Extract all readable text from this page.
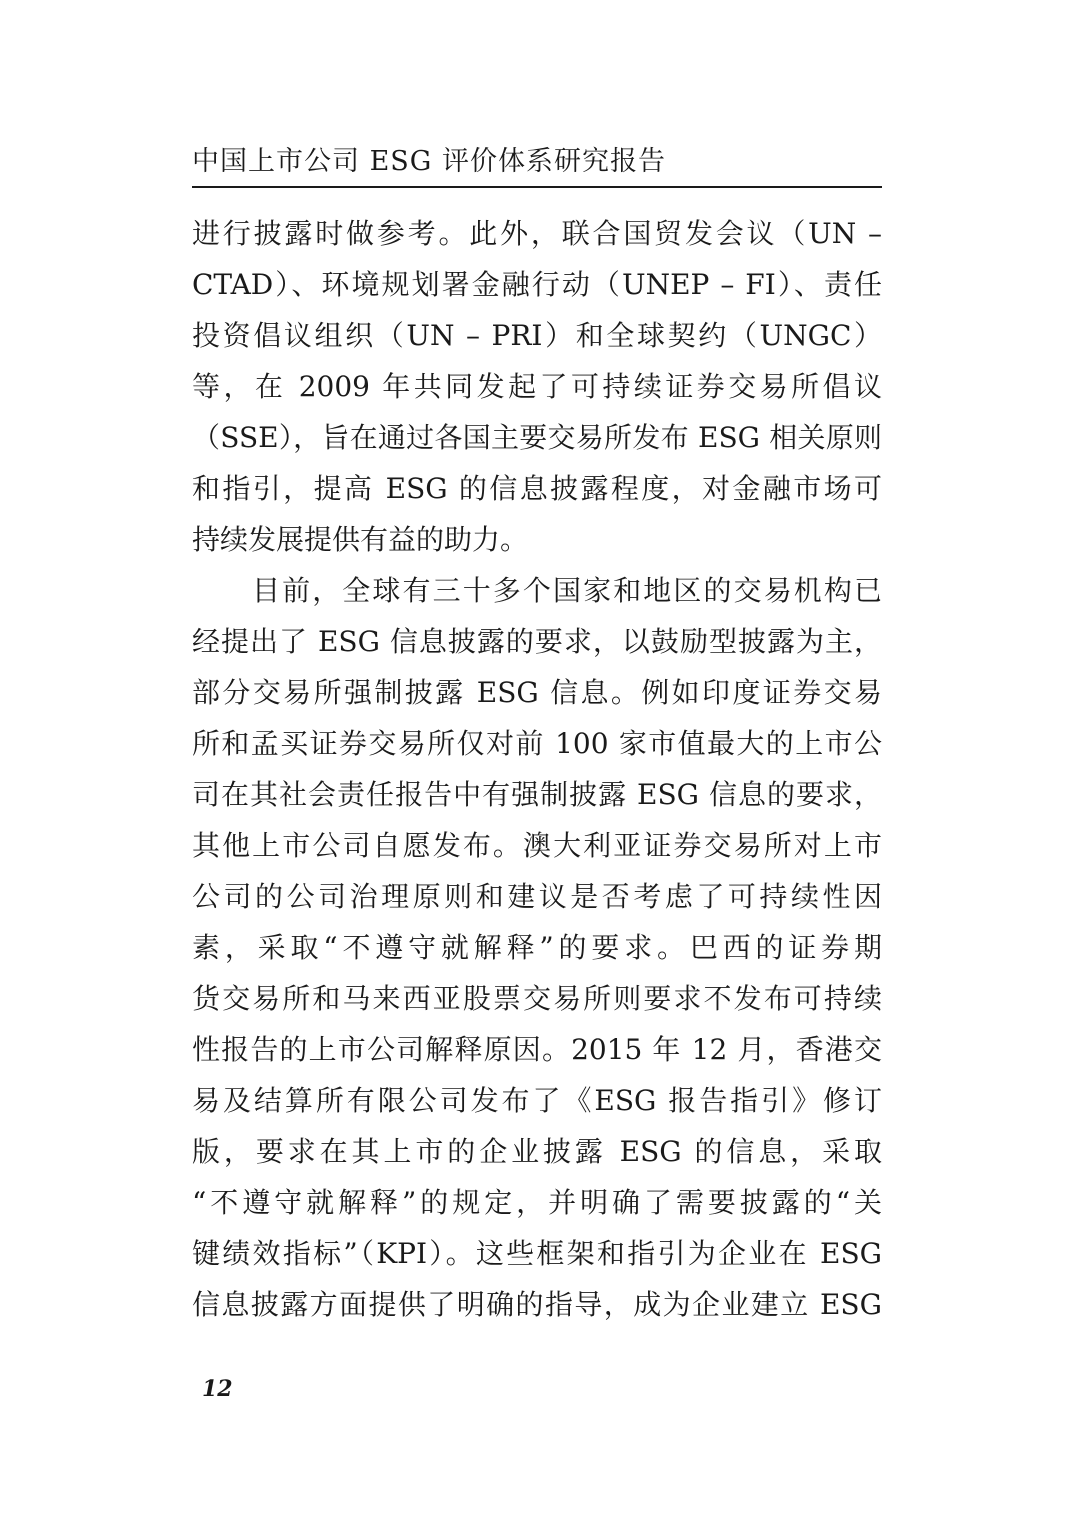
中国上市公司 ESG 评价体系研究报告
进行披露时做参考。此外，联合国贸发会议（UN –
CTAD）、环境规划署金融行动（UNEP – FI）、责任
投资倡议组织（UN – PRI）和全球契约（UNGC）
等，在 2009 年共同发起了可持续证券交易所倡议
（SSE），旨在通过各国主要交易所发布 ESG 相关原则
和指引，提高 ESG 的信息披露程度，对金融市场可
持续发展提供有益的助力。
目前，全球有三十多个国家和地区的交易机构已
经提出了 ESG 信息披露的要求，以鼓励型披露为主，
部分交易所强制披露 ESG 信息。例如印度证券交易
所和孟买证券交易所仅对前 100 家市值最大的上市公
司在其社会责任报告中有强制披露 ESG 信息的要求，
其他上市公司自愿发布。澳大利亚证券交易所对上市
公司的公司治理原则和建议是否考虑了可持续性因
素，采取“不遵守就解释”的要求。巴西的证券期
货交易所和马来西亚股票交易所则要求不发布可持续
性报告的上市公司解释原因。2015 年 12 月，香港交
易及结算所有限公司发布了《ESG 报告指引》修订
版，要求在其上市的企业披露 ESG 的信息，采取
“不遵守就解释”的规定，并明确了需要披露的“关
键绩效指标”（KPI）。这些框架和指引为企业在 ESG
信息披露方面提供了明确的指导，成为企业建立 ESG
12
